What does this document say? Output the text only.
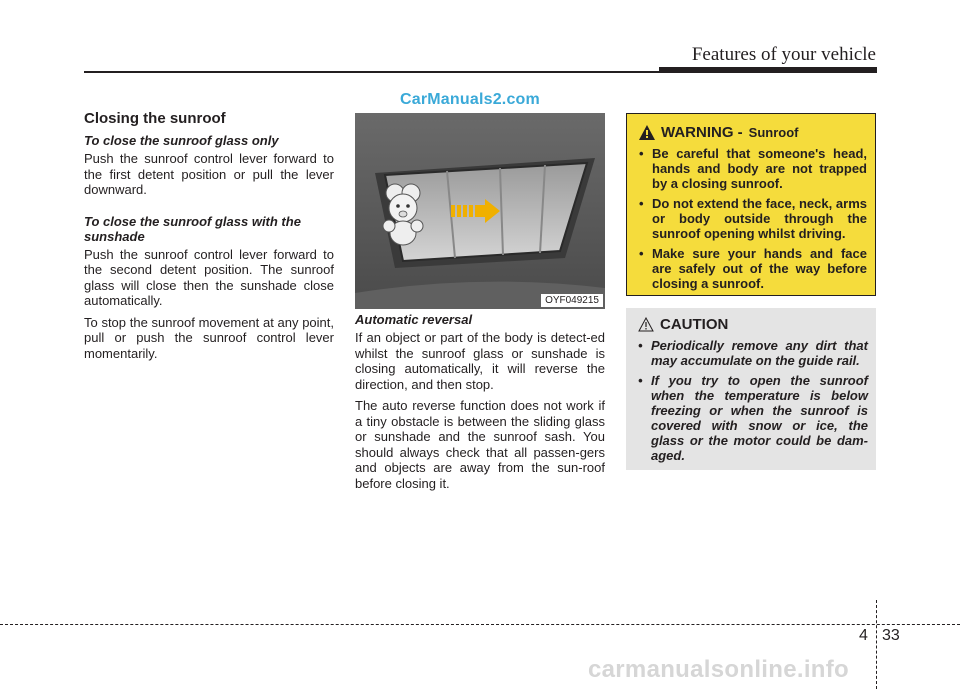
Features of your vehicle
CarManuals2.com
Closing the sunroof
To close the sunroof glass only

Push the sunroof control lever forward to the first detent position or pull the lever downward.

To close the sunroof glass with the sunshade

Push the sunroof control lever forward to the second detent position. The sunroof glass will close then the sunshade close automatically.

To stop the sunroof movement at any point, pull or push the sunroof control lever momentarily.

OYF049215
Automatic reversal

If an object or part of the body is detect-ed whilst the sunroof glass or sunshade is closing automatically, it will reverse the direction, and then stop.

The auto reverse function does not work if a tiny obstacle is between the sliding glass or sunshade and the sunroof sash. You should always check that all passen-gers and objects are away from the sun-roof before closing it.

WARNING - Sunroof
• Be careful that someone's head, hands and body are not trapped by a closing sunroof.
• Do not extend the face, neck, arms or body outside through the sunroof opening whilst driving.
• Make sure your hands and face are safely out of the way before closing a sunroof.
CAUTION
• Periodically remove any dirt that may accumulate on the guide rail.
• If you try to open the sunroof when the temperature is below freezing or when the sunroof is covered with snow or ice, the glass or the motor could be dam-aged.
4 33
carmanualsonline.info
